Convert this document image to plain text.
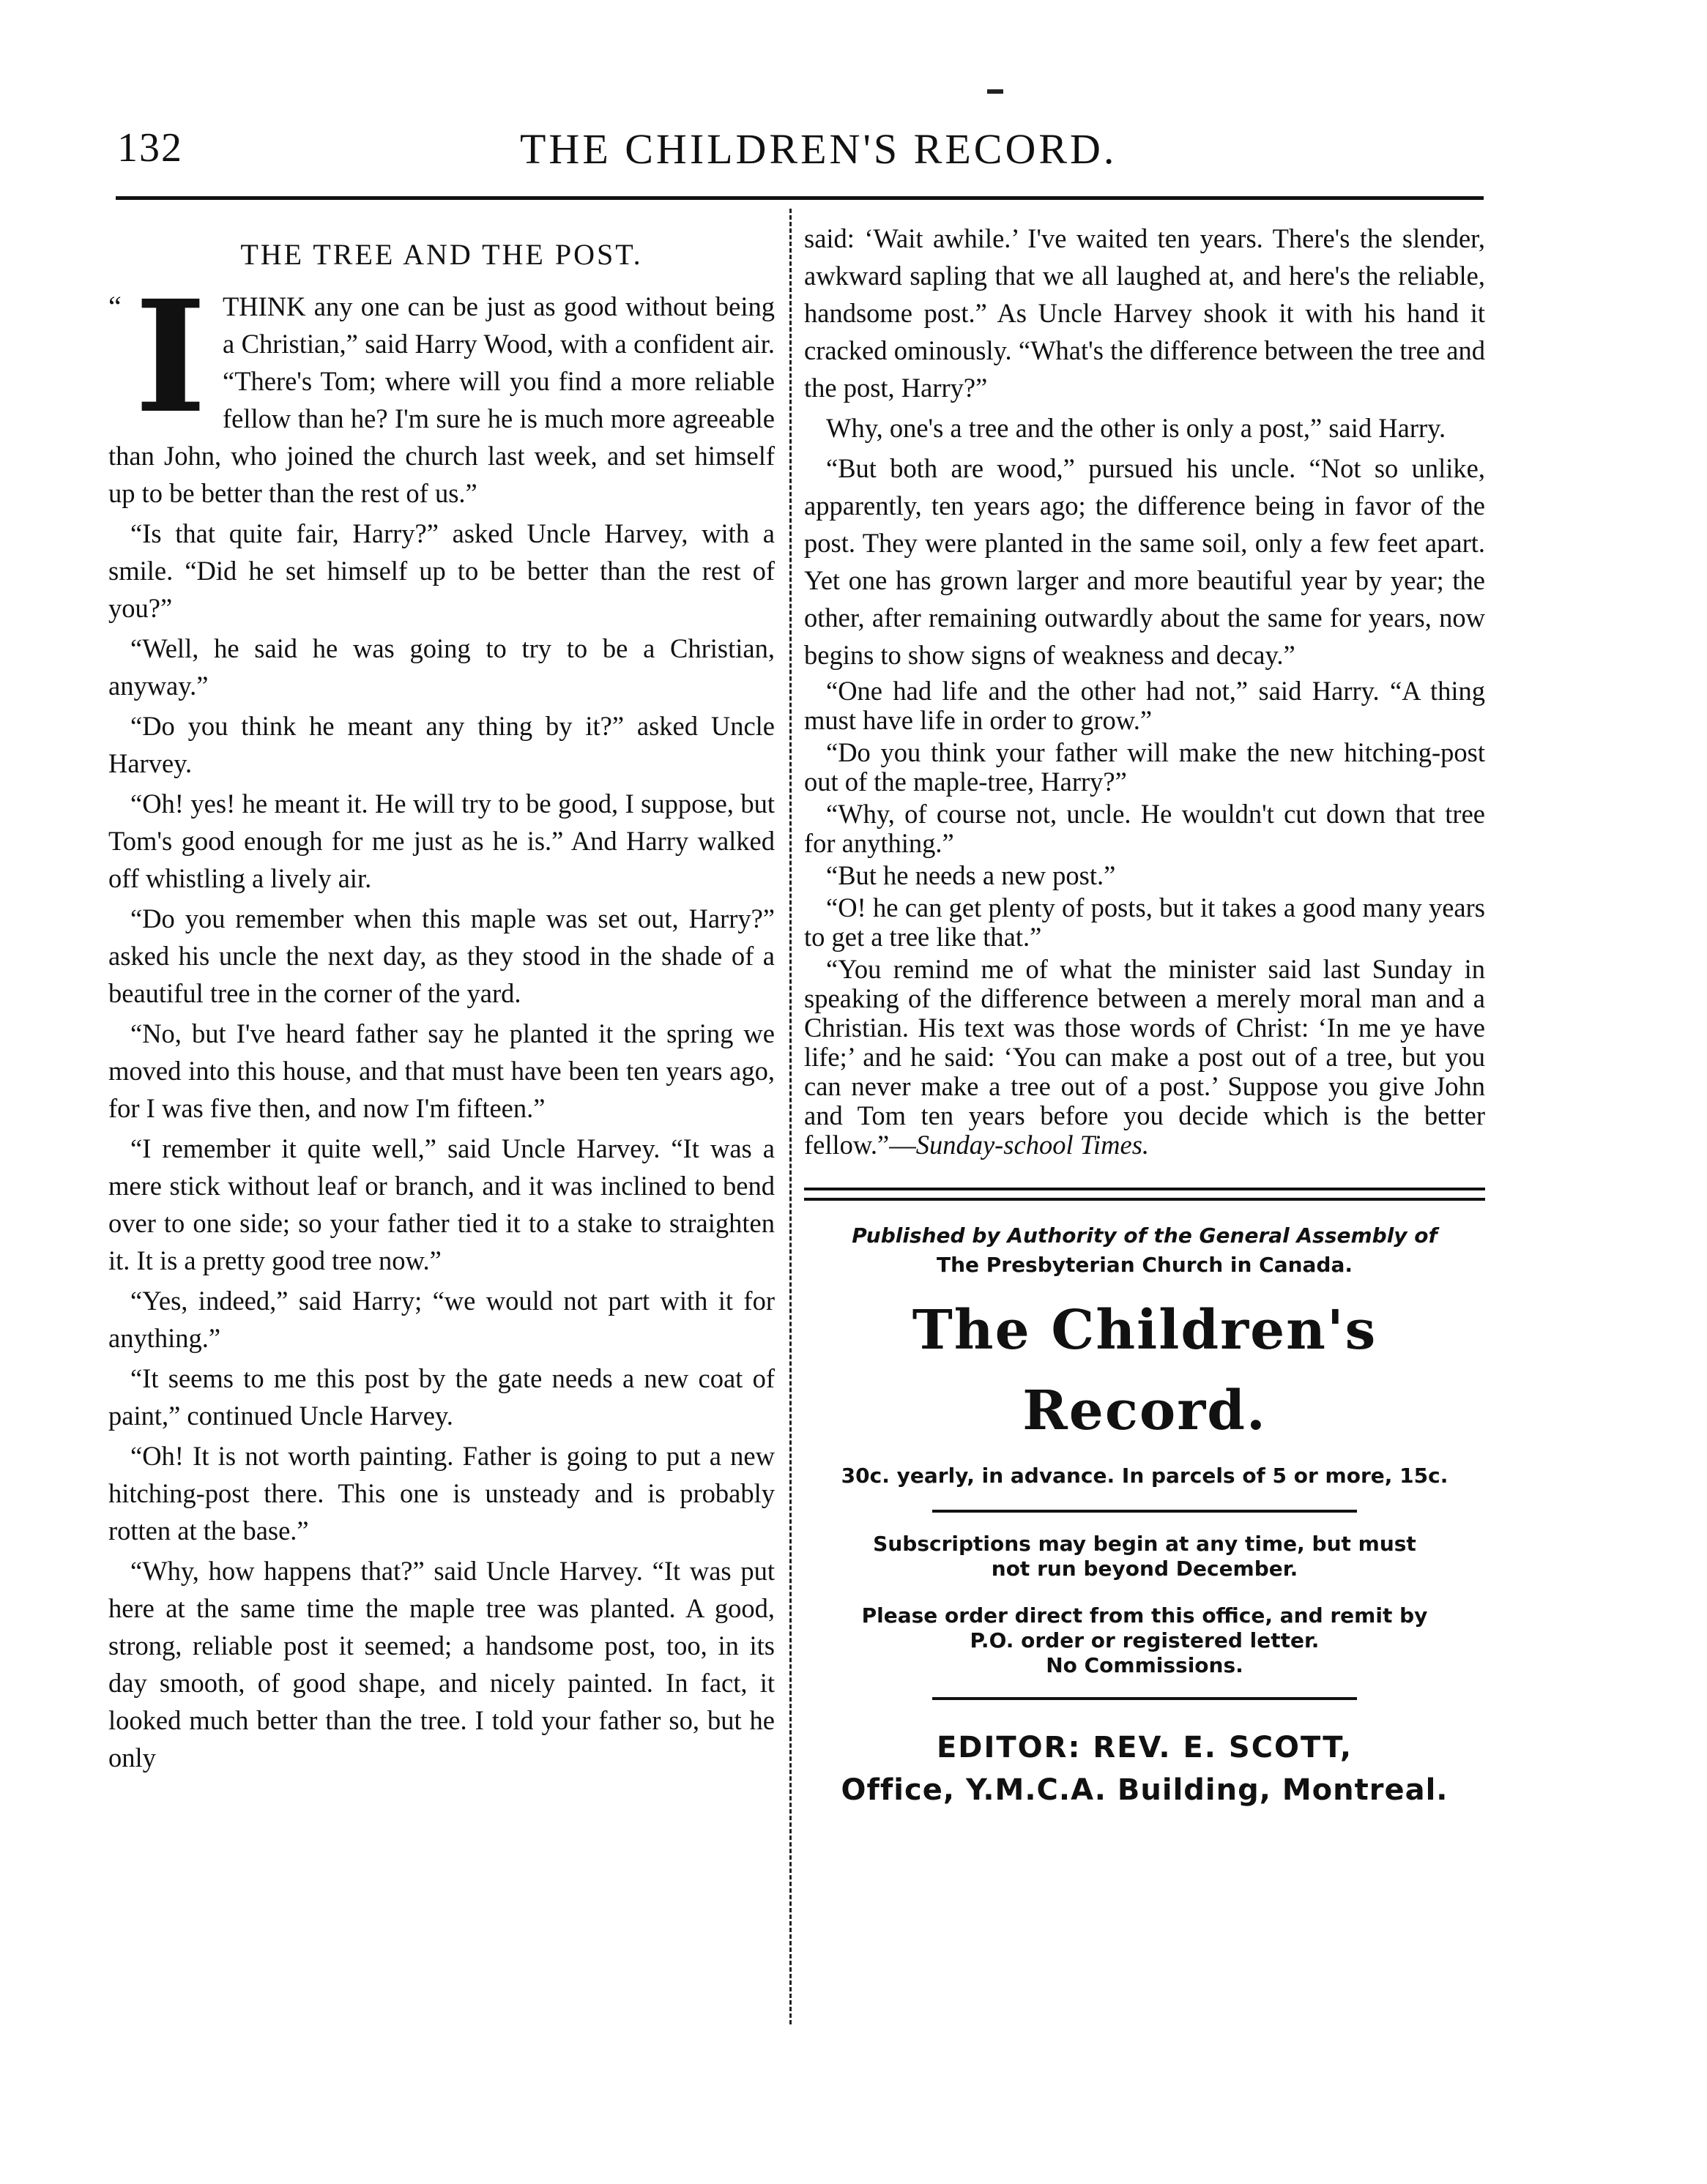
132	THE CHILDREN'S RECORD.
THE TREE AND THE POST.

“ I THINK any one can be just as good without being a Christian,” said Harry Wood, with a confident air. “There's Tom; where will you find a more reliable fellow than he? I'm sure he is much more agreeable than John, who joined the church last week, and set himself up to be better than the rest of us.”

“Is that quite fair, Harry?” asked Uncle Harvey, with a smile. “Did he set himself up to be better than the rest of you?”

“Well, he said he was going to try to be a Christian, anyway.”

“Do you think he meant any thing by it?” asked Uncle Harvey.

“Oh! yes! he meant it. He will try to be good, I suppose, but Tom's good enough for me just as he is.” And Harry walked off whistling a lively air.

“Do you remember when this maple was set out, Harry?” asked his uncle the next day, as they stood in the shade of a beautiful tree in the corner of the yard.

“No, but I've heard father say he planted it the spring we moved into this house, and that must have been ten years ago, for I was five then, and now I'm fifteen.”

“I remember it quite well,” said Uncle Harvey. “It was a mere stick without leaf or branch, and it was inclined to bend over to one side; so your father tied it to a stake to straighten it. It is a pretty good tree now.”

“Yes, indeed,” said Harry; “we would not part with it for anything.”

“It seems to me this post by the gate needs a new coat of paint,” continued Uncle Harvey.

“Oh! It is not worth painting. Father is going to put a new hitching-post there. This one is unsteady and is probably rotten at the base.”

“Why, how happens that?” said Uncle Harvey. “It was put here at the same time the maple tree was planted. A good, strong, reliable post it seemed; a handsome post, too, in its day smooth, of good shape, and nicely painted. In fact, it looked much better than the tree. I told your father so, but he only

said: ‘Wait awhile.’ I've waited ten years. There's the slender, awkward sapling that we all laughed at, and here's the reliable, handsome post.” As Uncle Harvey shook it with his hand it cracked ominously. “What's the difference between the tree and the post, Harry?”

Why, one's a tree and the other is only a post,” said Harry.

“But both are wood,” pursued his uncle. “Not so unlike, apparently, ten years ago; the difference being in favor of the post. They were planted in the same soil, only a few feet apart. Yet one has grown larger and more beautiful year by year; the other, after remaining outwardly about the same for years, now begins to show signs of weakness and decay.”

“One had life and the other had not,” said Harry. “A thing must have life in order to grow.”

“Do you think your father will make the new hitching-post out of the maple-tree, Harry?”

“Why, of course not, uncle. He wouldn't cut down that tree for anything.”

“But he needs a new post.”

“O! he can get plenty of posts, but it takes a good many years to get a tree like that.”

“You remind me of what the minister said last Sunday in speaking of the difference between a merely moral man and a Christian. His text was those words of Christ: ‘In me ye have life;’ and he said: ‘You can make a post out of a tree, but you can never make a tree out of a post.’ Suppose you give John and Tom ten years before you decide which is the better fellow.”—Sunday-school Times.

Published by Authority of the General Assembly of
The Presbyterian Church in Canada.
The Children's Record.
30c. yearly, in advance. In parcels of 5 or more, 15c.
Subscriptions may begin at any time, but must
not run beyond December.
Please order direct from this office, and remit by
P.O. order or registered letter.
No Commissions.
EDITOR: REV. E. SCOTT,
Office, Y.M.C.A. Building, Montreal.
